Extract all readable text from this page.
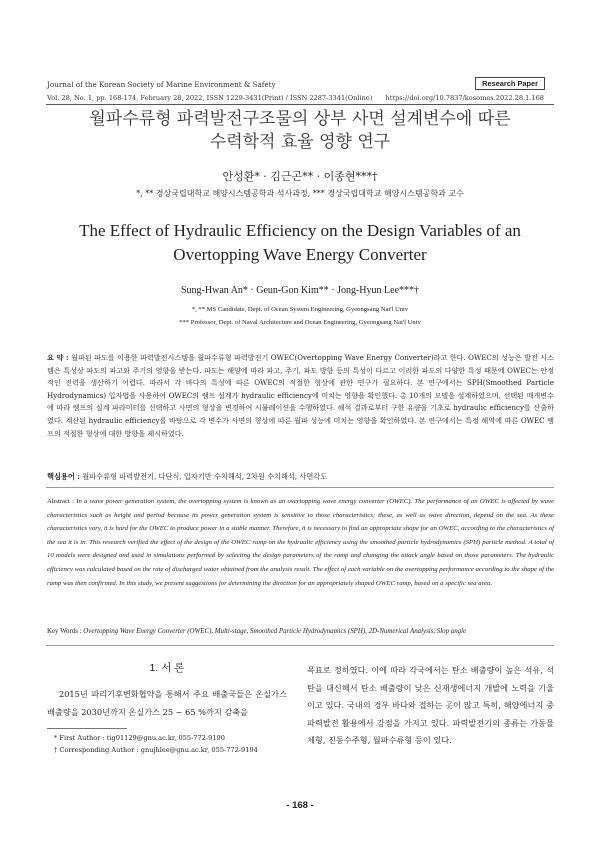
Journal of the Korean Society of Marine Environment & Safety	Research Paper
Vol. 28, No. 1, pp. 168-174, February 28, 2022, ISSN 1229-3431(Print) / ISSN 2287-3341(Online) https://doi.org/10.7837/kosomes.2022.28.1.168
월파수류형 파력발전구조물의 상부 사면 설계변수에 따른
수력학적 효율 영향 연구
안성환* · 김근곤** · 이종현***†
*, ** 경상국립대학교 해양시스템공학과 석사과정, *** 경상국립대학교 해양시스템공학과 교수
The Effect of Hydraulic Efficiency on the Design Variables of an
Overtopping Wave Energy Converter
Sung-Hwan An* · Geun-Gon Kim** · Jong-Hyun Lee***†
*, ** MS Candidate, Dept. of Ocean System Engineering, Gyeongsang Nat'l Univ
*** Professor, Dept. of Naval Architecture and Ocean Engineering, Gyeongsang Nat'l Univ
요 약 : 월파된 파도를 이용한 파력발전시스템을 월파수류형 파력발전기 OWEC(Overtopping Wave Energy Converter)라고 한다. OWEC의 성능은 발전 시스템은 특성상 파도의 파고와 주기의 영향을 받는다. 파도는 해양에 따라 파고, 주기, 파도 방향 등의 특성이 다르고 이러한 파도의 다양한 특성 때문에 OWEC는 안정적인 전력을 생산하기 어렵다. 따라서 각 바다의 특성에 따른 OWEC의 적절한 형상에 관한 연구가 필요하다. 본 연구에서는 SPH(Smoothed Particle Hydrodynamics) 입자법을 사용하여 OWEC의 램프 설계가 hydraulic efficiency에 미치는 영향을 확인했다. 총 10개의 모델을 설계하였으며, 선택된 매개변수에 따라 램프의 설계 파라미터를 선택하고 사면의 형상을 변경하여 시뮬레이션을 수행하였다. 해석 결과로부터 구한 유량을 기초로 hydraulic efficiency를 산출하였다. 계산된 hydraulic efficiency를 바탕으로 각 변수가 사면의 형상에 따른 월파 성능에 미치는 영향을 확인하였다. 본 연구에서는 특정 해역에 따른 OWEC 램프의 적절한 형상에 대한 방향을 제시하였다.
핵심용어 : 월파수류형 파력발전기, 다단식, 입자기반 수치해석, 2차원 수치해석, 사면각도
Abstract : In a wave power generation system, the overtopping system is known as an overtopping wave energy converter (OWEC). The performance of an OWEC is affected by wave characteristics such as height and period because its power generation system is sensitive to those characteristics; these, as well as wave direction, depend on the sea. As these characteristics vary, it is hard for the OWEC to produce power in a stable manner. Therefore, it is necessary to find an appropriate shape for an OWEC, according to the characteristics of the sea it is in. This research verified the effect of the design of the OWEC ramp on the hydraulic efficiency using the smoothed particle hydrodynamics (SPH) particle method. A total of 10 models were designed and used in simulations performed by selecting the design parameters of the ramp and changing the attack angle based on those parameters. The hydraulic efficiency was calculated based on the rate of discharged water obtained from the analysis result. The effect of each variable on the overtopping performance according to the shape of the ramp was then confirmed. In this study, we present suggestions for determining the direction for an appropriately shaped OWEC ramp, based on a specific sea area.
Key Words : Overtopping Wave Energy Converter (OWEC), Multi-stage, Smoothed Particle Hydrodynamics (SPH), 2D-Numerical Analysis, Slop angle
1. 서 론
2015년 파리기후변화협약을 통해서 주요 배출국들은 온실가스 배출량을 2030년까지 온실가스 25 ~ 65 %까지 감축을
목표로 정하였다. 이에 따라 각국에서는 탄소 배출량이 높은 석유, 석탄을 대신해서 탄소 배출량이 낮은 신재생에너지 개발에 노력을 기울이고 있다. 국내의 경우 바다와 접하는 곳이 많고 특히, 해양에너지 중 파력발전 활용에서 강점을 가지고 있다. 파력발전기의 종류는 가동물체형, 진동수주형, 월파수류형 등이 있다.
* First Author : tig01129@gnu.ac.kr, 055-772-9190
† Corresponding Author : gnujhlee@gnu.ac.kr, 055-772-9194
- 168 -
